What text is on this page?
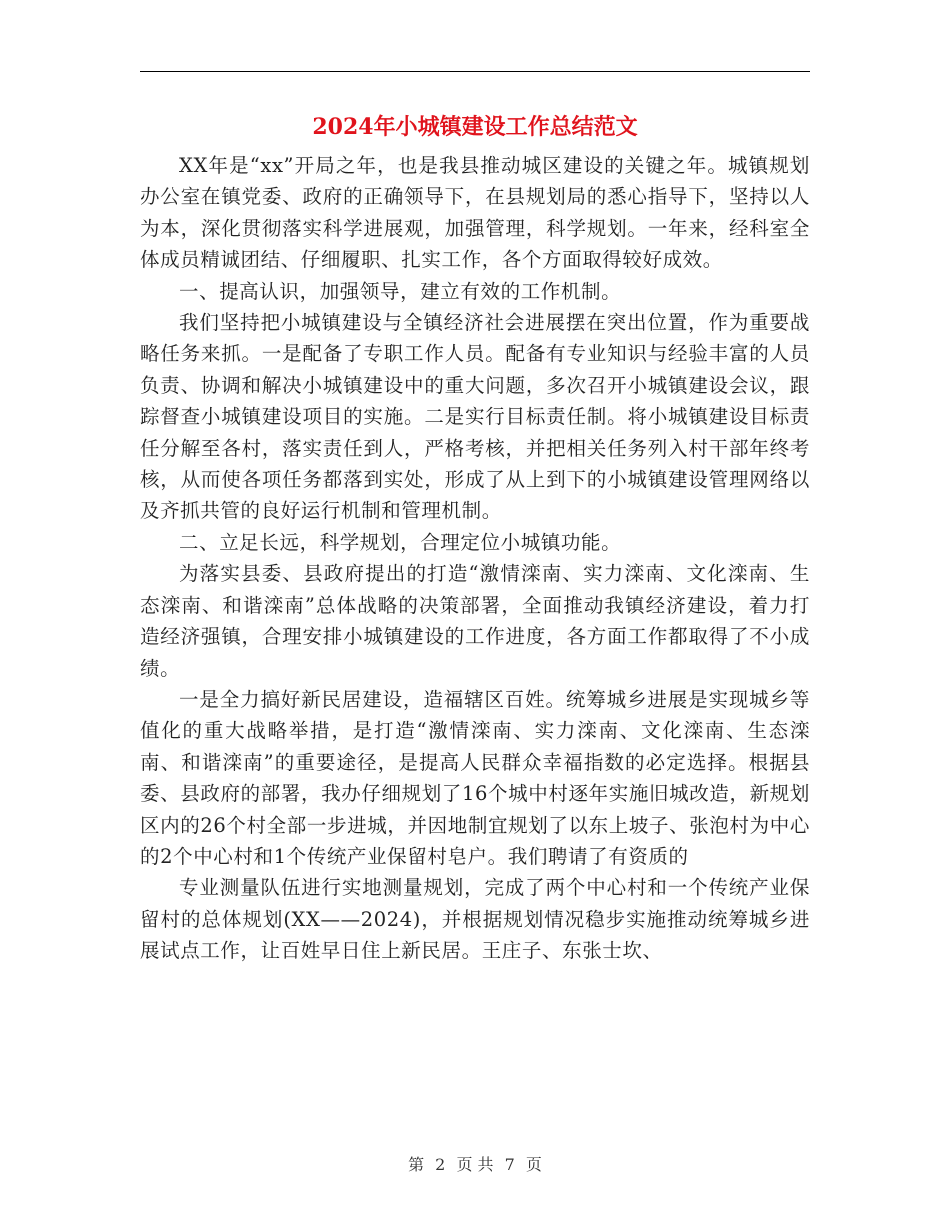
2024年小城镇建设工作总结范文

XX年是“xx”开局之年，也是我县推动城区建设的关键之年。城镇规划办公室在镇党委、政府的正确领导下，在县规划局的悉心指导下，坚持以人为本，深化贯彻落实科学进展观，加强管理，科学规划。一年来，经科室全体成员精诚团结、仔细履职、扎实工作，各个方面取得较好成效。

一、提高认识，加强领导，建立有效的工作机制。

我们坚持把小城镇建设与全镇经济社会进展摆在突出位置，作为重要战略任务来抓。一是配备了专职工作人员。配备有专业知识与经验丰富的人员负责、协调和解决小城镇建设中的重大问题，多次召开小城镇建设会议，跟踪督查小城镇建设项目的实施。二是实行目标责任制。将小城镇建设目标责任分解至各村，落实责任到人，严格考核，并把相关任务列入村干部年终考核，从而使各项任务都落到实处，形成了从上到下的小城镇建设管理网络以及齐抓共管的良好运行机制和管理机制。

二、立足长远，科学规划，合理定位小城镇功能。

为落实县委、县政府提出的打造“激情滦南、实力滦南、文化滦南、生态滦南、和谐滦南”总体战略的决策部署，全面推动我镇经济建设，着力打造经济强镇，合理安排小城镇建设的工作进度，各方面工作都取得了不小成绩。

一是全力搞好新民居建设，造福辖区百姓。统筹城乡进展是实现城乡等值化的重大战略举措，是打造“激情滦南、实力滦南、文化滦南、生态滦南、和谐滦南”的重要途径，是提高人民群众幸福指数的必定选择。根据县委、县政府的部署，我办仔细规划了16个城中村逐年实施旧城改造，新规划区内的26个村全部一步进城，并因地制宜规划了以东上坡子、张泡村为中心的2个中心村和1个传统产业保留村皂户。我们聘请了有资质的

专业测量队伍进行实地测量规划，完成了两个中心村和一个传统产业保留村的总体规划(XX——2024)，并根据规划情况稳步实施推动统筹城乡进展试点工作，让百姓早日住上新民居。王庄子、东张士坎、

第 2 页 共 7 页
